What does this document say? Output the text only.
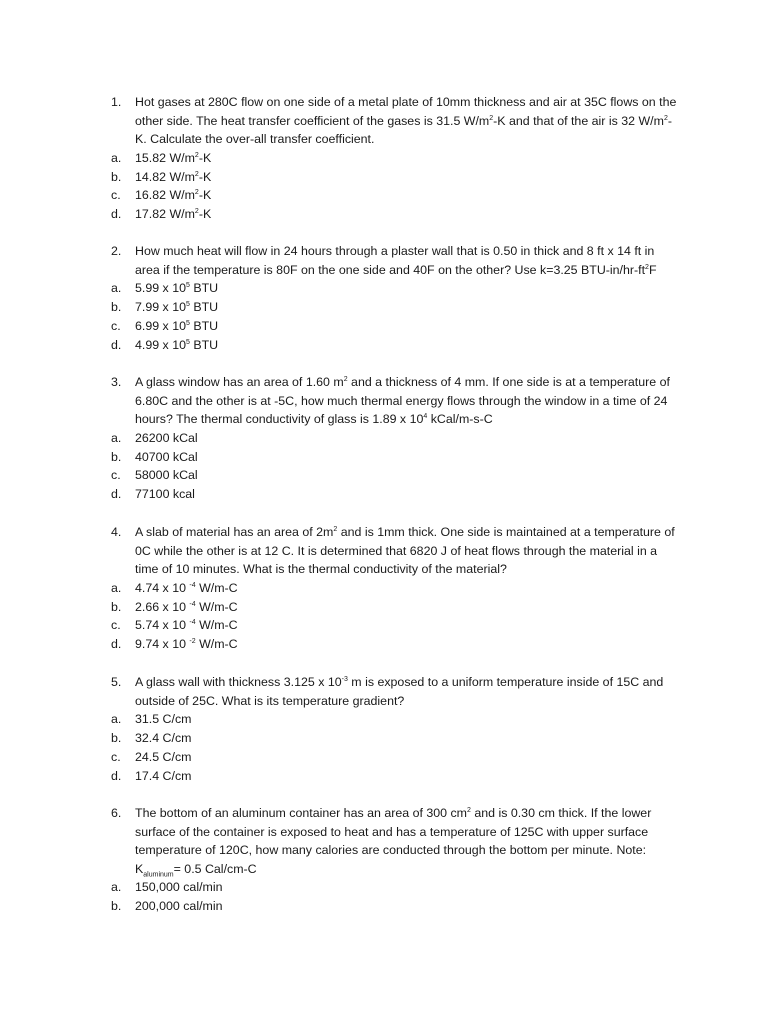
1.	Hot gases at 280C flow on one side of a metal plate of 10mm thickness and air at 35C flows on the other side. The heat transfer coefficient of the gases is 31.5 $W/m^2-K$ and that of the air is 32 $W/m^2-K$. Calculate the over-all transfer coefficient.
a.	15.82 $W/m^2-K$
b.	14.82 $W/m^2-K$
c.	16.82 $W/m^2-K$
d.	17.82 $W/m^2-K$
2.	How much heat will flow in 24 hours through a plaster wall that is 0.50 in thick and 8 ft x 14 ft in area if the temperature is 80F on the one side and 40F on the other? Use k=3.25 BTU-$in/hr-ft^2F$
a.	5.99 x $10^5$ BTU
b.	7.99 x $10^5$ BTU
c.	6.99 x $10^5$ BTU
d.	4.99 x $10^5$ BTU
3.	A glass window has an area of 1.60 $m^2$ and a thickness of 4 mm. If one side is at a temperature of 6.80C and the other is at -5C, how much thermal energy flows through the window in a time of 24 hours? The thermal conductivity of glass is 1.89 x $10^4$ kCal/m-s-C
a.	26200 kCal
b.	40700 kCal
c.	58000 kCal
d.	77100 kcal
4.	A slab of material has an area of $2m^2$ and is 1mm thick. One side is maintained at a temperature of 0C while the other is at 12 C. It is determined that 6820 J of heat flows through the material in a time of 10 minutes. What is the thermal conductivity of the material?
a.	4.74 x 10 $^{-4}$ W/m-C
b.	2.66 x 10 $^{-4}$ W/m-C
c.	5.74 x 10 $^{-4}$ W/m-C
d.	9.74 x 10 $^{-2}$ W/m-C
5.	A glass wall with thickness 3.125 x $10^{-3}$ m is exposed to a uniform temperature inside of 15C and outside of 25C. What is its temperature gradient?
a.	31.5 C/cm
b.	32.4 C/cm
c.	24.5 C/cm
d.	17.4 C/cm
6.	The bottom of an aluminum container has an area of 300 $cm^2$ and is 0.30 cm thick. If the lower surface of the container is exposed to heat and has a temperature of 125C with upper surface temperature of 120C, how many calories are conducted through the bottom per minute. Note: $K_{aluminum}= 0.5$ Cal/cm-C
a.	150,000 cal/min
b.	200,000 cal/min
